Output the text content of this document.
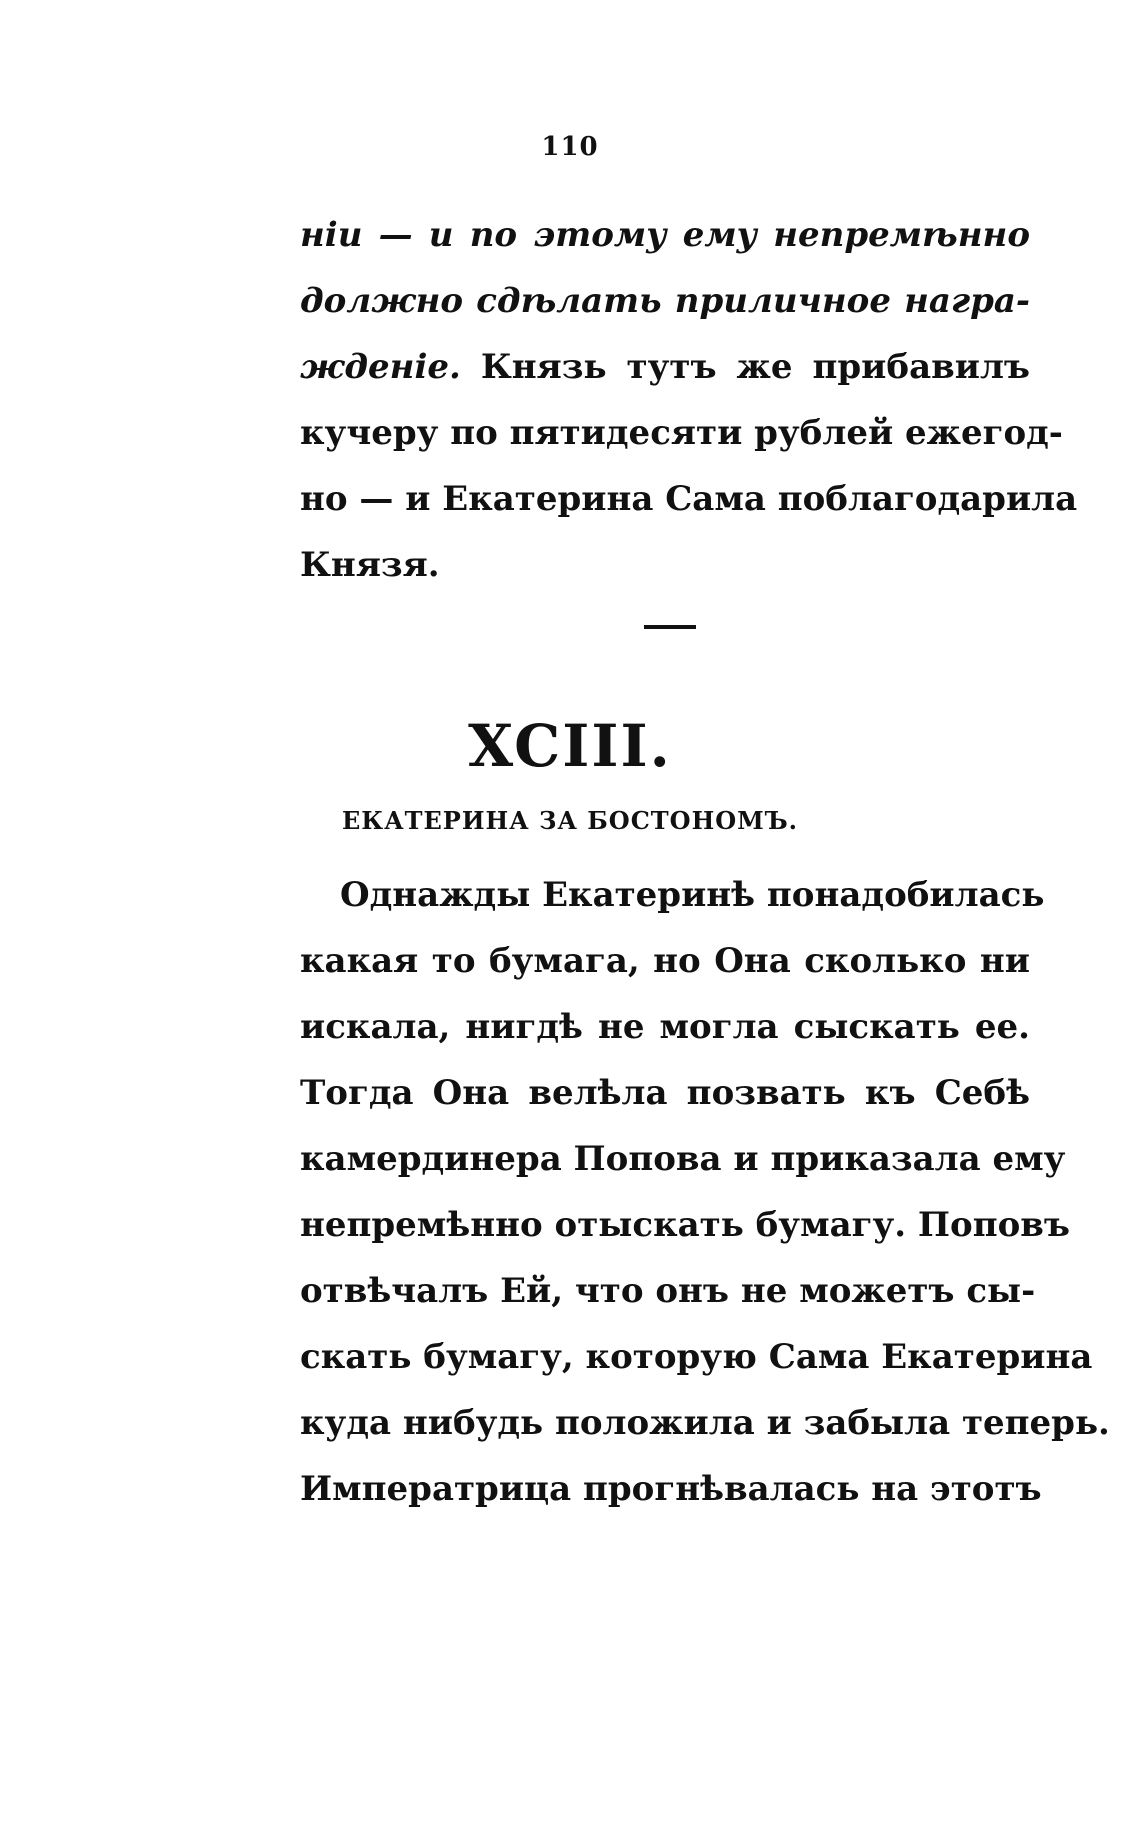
110
нiи — и по этому ему непремѣнно
должно сдѣлать приличное награ-
жденiе. Князь тутъ же прибавилъ
кучеру по пятидесяти рублей ежегод-
но — и Екатерина Сама поблагодарила
Князя.
XCIII.
ЕКАТЕРИНА ЗА БОСТОНОМЪ.
Однажды Екатеринѣ понадобилась
какая то бумага, но Она сколько ни
искала, нигдѣ не могла сыскать ее.
Тогда Она велѣла позвать къ Себѣ
камердинера Попова и приказала ему
непремѣнно отыскать бумагу. Поповъ
отвѣчалъ Ей, что онъ не можетъ сы-
скать бумагу, которую Сама Екатерина
куда нибудь положила и забыла теперь.
Императрица прогнѣвалась на этотъ
